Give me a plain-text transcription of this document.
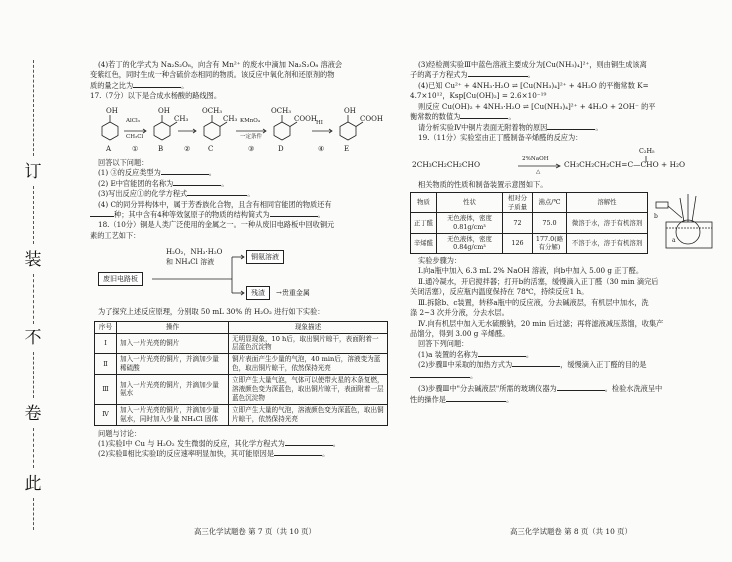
订
装
不
卷
此

(4)若丁的化学式为 Na₂S₂O₈，向含有 Mn²⁺ 的废水中滴加 Na₂S₂O₈ 溶液会

变紫红色，同时生成一种含硫价态相同的物质。该反应中氧化剂和还原剂的物

质的量之比为	。

17.（7分）以下是合成水杨酸的路线图。

OH	OH
CH₃
OCH₃
CH₃
OCH₃
COOH
OH
COOH
AlCl₃
CH₃Cl
KMnO₄
一定条件
HI
A	①	B	②	C	③	D	④	E

回答以下问题：

(1) ③的反应类型为	。

(2) E中官能团的名称为	。

(3)写出反应①的化学方程式	。

(4) C的同分异构体中，属于芳香族化合物，且含有相同官能团的物质还有

种；其中含有4种等效氢原子的物质的结构简式为	。

18.（10分）铜是人类广泛使用的金属之一。一种从废旧电路板中回收铜元

素的工艺如下：

H₂O₂，NH₃·H₂O
和 NH₄Cl 溶液
废旧电路板
铜氨溶液
残渣	→贵重金属

为了探究上述反应原理，分别取 50 mL 30% 的 H₂O₂ 进行如下实验：

序号	操作	现象描述
Ⅰ	加入一片光亮的铜片	无明显现象，10 h后，取出铜片晾干，表面附着一层蓝色沉淀物
Ⅱ	加入一片光亮的铜片，并滴加少量稀硫酸	铜片表面产生少量的气泡，40 min后，溶液变为蓝色，取出铜片晾干，依然保持光亮
Ⅲ	加入一片光亮的铜片，并滴加少量氨水	立即产生大量气泡，气体可以使带火星的木条复燃，溶液颜色变为深蓝色，取出铜片晾干，表面附着一层蓝色沉淀物
Ⅳ	加入一片光亮的铜片，并滴加少量氨水，同时加入少量 NH₄Cl 固体	立即产生大量的气泡，溶液颜色变为深蓝色，取出铜片晾干，依然保持光亮

问题与讨论：

(1)实验Ⅰ中 Cu 与 H₂O₂ 发生微弱的反应，其化学方程式为	。

(2)实验Ⅱ相比实验Ⅰ的反应速率明显加快，其可能原因是	。

高三化学试题卷 第 7 页（共 10 页）

(3)经检测实验Ⅲ中蓝色溶液主要成分为[Cu(NH₃)₄]²⁺，则由铜生成该离

子的离子方程式为	。

(4)已知 Cu²⁺ + 4NH₃·H₂O ⇌ [Cu(NH₃)₄]²⁺ + 4H₂O 的平衡常数 K=

4.7×10¹²，Ksp[Cu(OH)₂] = 2.6×10⁻¹⁹

则反应 Cu(OH)₂ + 4NH₃·H₂O ⇌ [Cu(NH₃)₄]²⁺ + 4H₂O + 2OH⁻ 的平

衡常数的数值为	。

请分析实验Ⅳ中铜片表面无附着物的原因	。

19.（11分）实验室由正丁醛制备辛烯醛的反应为：

2CH₃CH₂CH₂CHO
2%NaOH
△
CH₃CH₂CH₂CH=C—CHO + H₂O
C₂H₅

相关物质的性质和制备装置示意图如下。

物质	性状	相对分子质量	沸点/℃	溶解性
正丁醛	无色液体，密度 0.81g/cm³	72	75.0	微溶于水，溶于有机溶剂
辛烯醛	无色液体，密度 0.84g/cm³	126	177.0(略有分解)	不溶于水，溶于有机溶剂
b
a

实验步骤为：

Ⅰ.向a瓶中加入 6.3 mL 2% NaOH 溶液，向b中加入 5.00 g 正丁醛。

Ⅱ.通冷凝水，开启搅拌器；打开b的活塞，缓慢滴入正丁醛（30 min 滴完后

关闭活塞），反应瓶内温度保持在 78℃，持续反应1 h。

Ⅲ.拆除b、c装置，转移a瓶中的反应液，分去碱液层，有机层中加水，洗

涤 2~3 次并分液，分去水层。

Ⅳ.向有机层中加入无水硫酸钠，20 min 后过滤；再将滤液减压蒸馏，收集产

品馏分，得到 3.00 g 辛烯醛。

回答下列问题：

(1)a 装置的名称为	。

(2)步骤Ⅱ中采取的加热方式为	，缓慢滴入正丁醛的目的是

。

(3)步骤Ⅲ中"分去碱液层"所需的玻璃仪器为	。检验水洗液呈中

性的操作是	。

高三化学试题卷 第 8 页（共 10 页）
